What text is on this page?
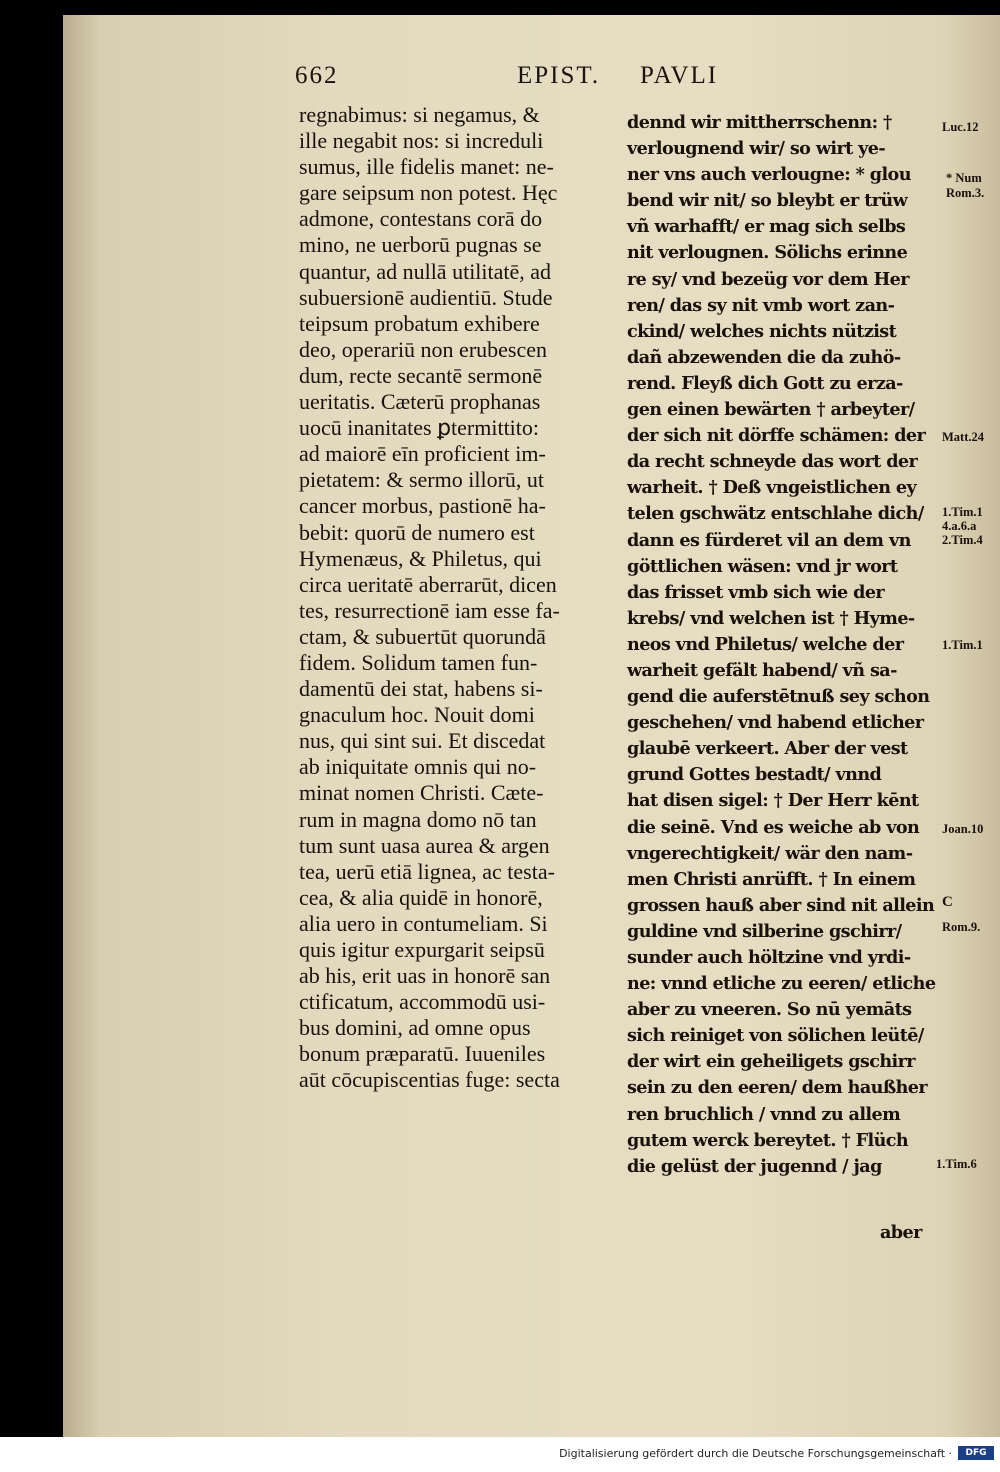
662	EPIST. PAVLI
regnabimus: si negamus, &
ille negabit nos: si increduli
sumus, ille fidelis manet: ne-
gare seipsum non potest. Hęc
admone, contestans corā do
mino, ne uerborū pugnas se
quantur, ad nullā utilitatē, ad
subuersionē audientiū. Stude
teipsum probatum exhibere
deo, operariū non erubescen
dum, recte secantē sermonē
ueritatis. Cæterū prophanas
uocū inanitates ꝑtermittito:
ad maiorē eīn proficient im-
pietatem: & sermo illorū, ut
cancer morbus, pastionē ha-
bebit: quorū de numero est
Hymenæus, & Philetus, qui
circa ueritatē aberrarūt, dicen
tes, resurrectionē iam esse fa-
ctam, & subuertūt quorundā
fidem. Solidum tamen fun-
damentū dei stat, habens si-
gnaculum hoc. Nouit domi
nus, qui sint sui. Et discedat
ab iniquitate omnis qui no-
minat nomen Christi. Cæte-
rum in magna domo nō tan
tum sunt uasa aurea & argen
tea, uerū etiā lignea, ac testa-
cea, & alia quidē in honorē,
alia uero in contumeliam. Si
quis igitur expurgarit seipsū
ab his, erit uas in honorē san
ctificatum, accommodū usi-
bus domini, ad omne opus
bonum præparatū. Iuueniles
aūt cōcupiscentias fuge: secta
dennd wir mittherrschenn: †
verlougnend wir/ so wirt ye-
ner vns auch verlougne: * glou
bend wir nit/ so bleybt er trüw
vñ warhafft/ er mag sich selbs
nit verlougnen. Sölichs erinne
re sy/ vnd bezeüg vor dem Her
ren/ das sy nit vmb wort zan-
ckind/ welches nichts nützist
dañ abzewenden die da zuhö-
rend. Fleyß dich Gott zu erza-
gen einen bewärten † arbeyter/
der sich nit dörffe schämen: der
da recht schneyde das wort der
warheit. † Deß vngeistlichen ey
telen gschwätz entschlahe dich/
dann es fürderet vil an dem vn
göttlichen wäsen: vnd jr wort
das frisset vmb sich wie der
krebs/ vnd welchen ist † Hyme-
neos vnd Philetus/ welche der
warheit gefält habend/ vñ sa-
gend die auferstētnuß sey schon
geschehen/ vnd habend etlicher
glaubē verkeert. Aber der vest
grund Gottes bestadt/ vnnd
hat disen sigel: † Der Herr kēnt
die seinē. Vnd es weiche ab von
vngerechtigkeit/ wär den nam-
men Christi anrüfft. † In einem
grossen hauß aber sind nit allein
guldine vnd silberine gschirr/
sunder auch höltzine vnd yrdi-
ne: vnnd etliche zu eeren/ etliche
aber zu vneeren. So nū yemāts
sich reiniget von sölichen leütē/
der wirt ein geheiligets gschirr
sein zu den eeren/ dem haußher
ren bruchlich / vnnd zu allem
gutem werck bereytet. † Flüch
die gelüst der jugennd / jag
aber
Luc.12
* Num
Rom.3.
Matt.24
1.Tim.1
4.a.6.a
2.Tim.4
1.Tim.1
Joan.10
C
Rom.9.
1.Tim.6
Digitalisierung gefördert durch die Deutsche Forschungsgemeinschaft ·	DFG
